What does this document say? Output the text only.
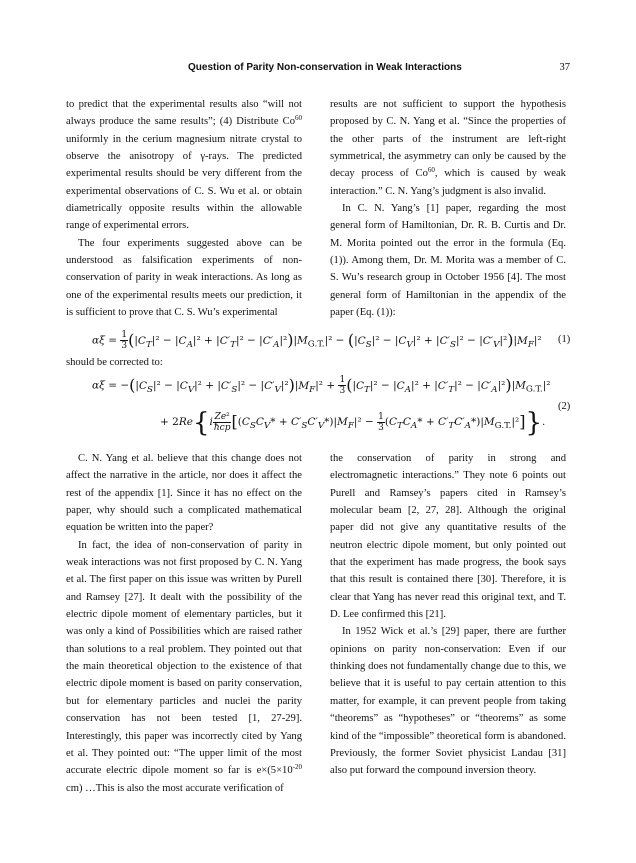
Question of Parity Non-conservation in Weak Interactions	37

to predict that the experimental results also “will not always produce the same results”; (4) Distribute Co$^{60}$ uniformly in the cerium magnesium nitrate crystal to observe the anisotropy of γ-rays. The predicted experimental results should be very different from the experimental observations of C. S. Wu et al. or obtain diametrically opposite results within the allowable range of experimental errors.

The four experiments suggested above can be understood as falsification experiments of non-conservation of parity in weak interactions. As long as one of the experimental results meets our prediction, it is sufficient to prove that C. S. Wu’s experimental

results are not sufficient to support the hypothesis proposed by C. N. Yang et al. “Since the properties of the other parts of the instrument are left-right symmetrical, the asymmetry can only be caused by the decay process of Co$^{60}$, which is caused by weak interaction.” C. N. Yang’s judgment is also invalid.

In C. N. Yang’s [1] paper, regarding the most general form of Hamiltonian, Dr. R. B. Curtis and Dr. M. Morita pointed out the error in the formula (Eq. (1)). Among them, Dr. M. Morita was a member of C. S. Wu’s research group in October 1956 [4]. The most general form of Hamiltonian in the appendix of the paper (Eq. (1)):

$\alpha\xi = \frac{1}{3} (|C_T|^2 - |C_A|^2 + |C'_T|^2 - |C'_A|^2)|M_{G.T.}|^2 - (|C_S|^2 - |C_V|^2 + |C'_S|^2 - |C'_V|^2)|M_F|^2$ (1)
should be corrected to:
$\alpha\xi = -(|C_S|^2 - |C_V|^2 + |C'_S|^2 - |C'_V|^2)|M_F|^2 + \frac{1}{3} (|C_T|^2 - |C_A|^2 + |C'_T|^2 - |C'_A|^2)|M_{G.T.}|^2$
+ $2Re\{i \frac{\text{Ze²}}{\text{ħcp}} [(C_SC_V* + C'_SC'_V*)|M_F|^2 - \frac{1}{3} (C_TC_A* + C'_TC'_A*)|M_{G.T.}|^2]\}$.
(2)

C. N. Yang et al. believe that this change does not affect the narrative in the article, nor does it affect the rest of the appendix [1]. Since it has no effect on the paper, why should such a complicated mathematical equation be written into the paper?

In fact, the idea of non-conservation of parity in weak interactions was not first proposed by C. N. Yang et al. The first paper on this issue was written by Purell and Ramsey [27]. It dealt with the possibility of the electric dipole moment of elementary particles, but it was only a kind of Possibilities which are raised rather than solutions to a real problem. They pointed out that the main theoretical objection to the existence of that electric dipole moment is based on parity conservation, but for elementary particles and nuclei the parity conservation has not been tested [1, 27-29]. Interestingly, this paper was incorrectly cited by Yang et al. They pointed out: “The upper limit of the most accurate electric dipole moment so far is $e\times(5\times 10^{-20}$ cm) …This is also the most accurate verification of

the conservation of parity in strong and electromagnetic interactions.” They note 6 points out Purell and Ramsey’s papers cited in Ramsey’s molecular beam [2, 27, 28]. Although the original paper did not give any quantitative results of the neutron electric dipole moment, but only pointed out that the experiment has made progress, the book says that this result is contained there [30]. Therefore, it is clear that Yang has never read this original text, and T. D. Lee confirmed this [21].

In 1952 Wick et al.’s [29] paper, there are further opinions on parity non-conservation: Even if our thinking does not fundamentally change due to this, we believe that it is useful to pay certain attention to this matter, for example, it can prevent people from taking “theorems” as “hypotheses” or “theorems” as some kind of the “impossible” theoretical form is abandoned. Previously, the former Soviet physicist Landau [31] also put forward the compound inversion theory.
